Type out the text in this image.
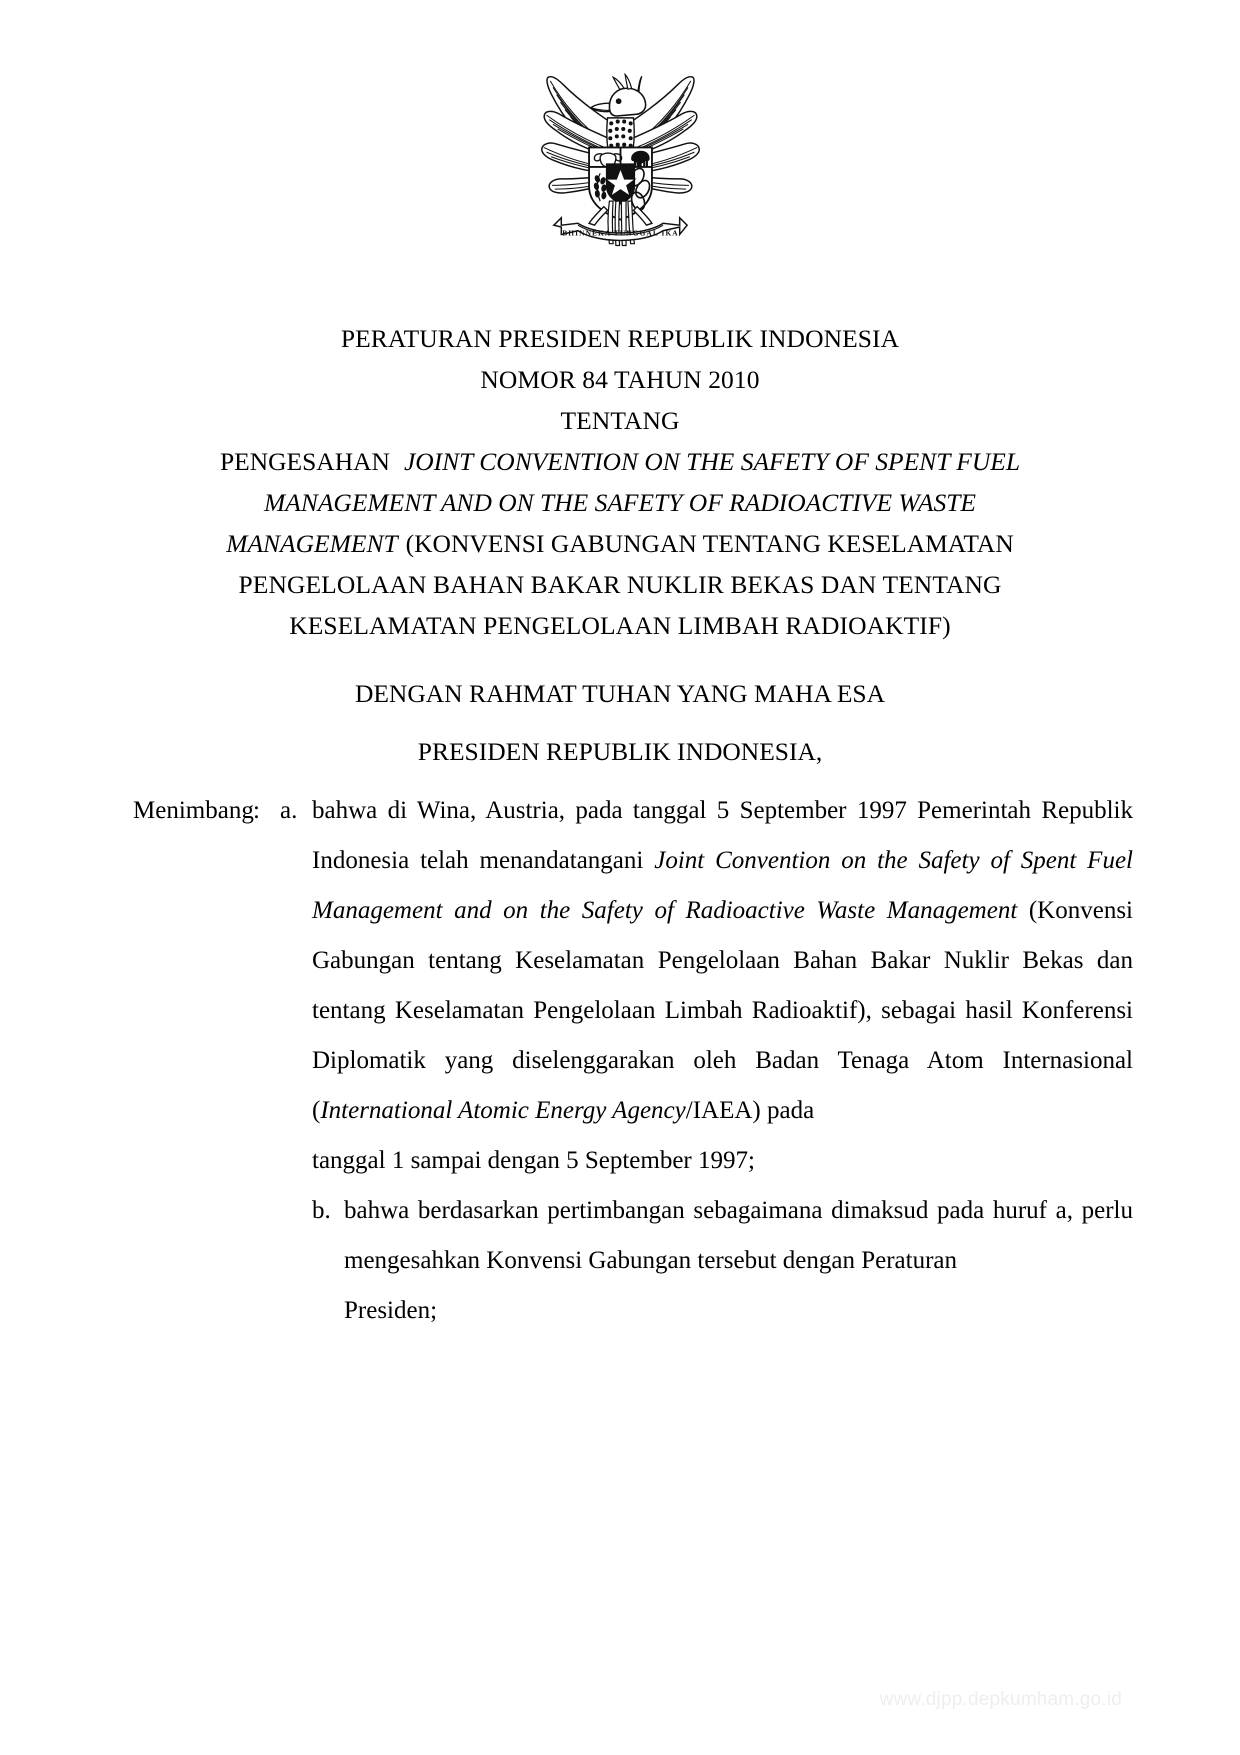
BHINNEKA TUNGGAL IKA
PERATURAN PRESIDEN REPUBLIK INDONESIA
NOMOR 84 TAHUN 2010
TENTANG
PENGESAHAN JOINT CONVENTION ON THE SAFETY OF SPENT FUEL
MANAGEMENT AND ON THE SAFETY OF RADIOACTIVE WASTE
MANAGEMENT (KONVENSI GABUNGAN TENTANG KESELAMATAN
PENGELOLAAN BAHAN BAKAR NUKLIR BEKAS DAN TENTANG
KESELAMATAN PENGELOLAAN LIMBAH RADIOAKTIF)
DENGAN RAHMAT TUHAN YANG MAHA ESA
PRESIDEN REPUBLIK INDONESIA,
Menimbang : a. bahwa di Wina, Austria, pada tanggal 5 September 1997 Pemerintah Republik Indonesia telah menandatangani Joint Convention on the Safety of Spent Fuel Management and on the Safety of Radioactive Waste Management (Konvensi Gabungan tentang Keselamatan Pengelolaan Bahan Bakar Nuklir Bekas dan tentang Keselamatan Pengelolaan Limbah Radioaktif), sebagai hasil Konferensi Diplomatik yang diselenggarakan oleh Badan Tenaga Atom Internasional (International Atomic Energy Agency/IAEA) pada
tanggal 1 sampai dengan 5 September 1997;
b. bahwa berdasarkan pertimbangan sebagaimana dimaksud pada huruf a, perlu mengesahkan Konvensi Gabungan tersebut dengan Peraturan
Presiden;
www.djpp.depkumham.go.id
